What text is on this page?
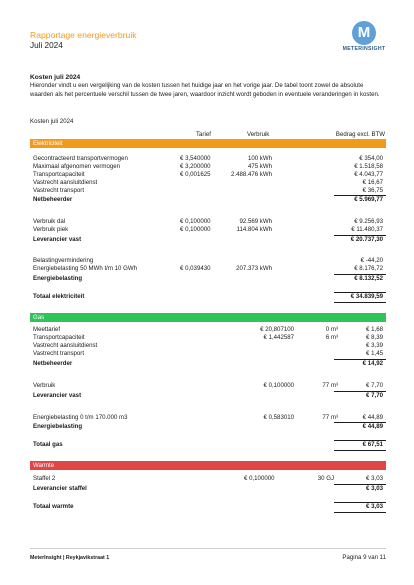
Rapportage energieverbruik
Juli 2024
M
METERINSIGHT
Kosten juli 2024
Hieronder vindt u een vergelijking van de kosten tussen het huidige jaar en het vorige jaar. De tabel toont zowel de absolute waarden als het percentuele verschil tussen de twee jaren, waardoor inzicht wordt geboden in eventuele veranderingen in kosten.
Kosten juli 2024
Tarief	Verbruik	Bedrag excl. BTW
Elektriciteit
Gas
Warmte
Gecontracteerd transportvermogen	€ 3,540000	100 kWh	€ 354,00
Maximaal afgenomen vermogen	€ 3,200000	475 kWh	€ 1.518,58
Transportcapaciteit	€ 0,001625	2.488.476 kWh	€ 4.043,77
Vastrecht aansluitdienst	€ 16,67
Vastrecht transport	€ 36,75
Netbeheerder	€ 5.969,77
Verbruik dal	€ 0,100000	92.569 kWh	€ 9.256,93
Verbruik piek	€ 0,100000	114.804 kWh	€ 11.480,37
Leverancier vast	€ 20.737,30
Belastingvermindering	€ -44,20
Energiebelasting 50 MWh t/m 10 GWh	€ 0,039430	207.373 kWh	€ 8.176,72
Energiebelasting	€ 8.132,52
Totaal elektriciteit	€ 34.839,59
Meettarief	€ 20,807100	0 m³	€ 1,68
Transportcapaciteit	€ 1,442587	6 m³	€ 8,39
Vastrecht aansluitdienst	€ 3,39
Vastrecht transport	€ 1,45
Netbeheerder	€ 14,92
Verbruik	€ 0,100000	77 m³	€ 7,70
Leverancier vast	€ 7,70
Energiebelasting 0 t/m 170.000 m3	€ 0,583010	77 m³	€ 44,89
Energiebelasting	€ 44,89
Totaal gas	€ 67,51
Staffel 2	€ 0,100000	30 GJ	€ 3,03
Leverancier staffel	€ 3,03
Totaal warmte	€ 3,03
MeterInsight | Reykjavikstraat 1	Pagina 9 van 11
